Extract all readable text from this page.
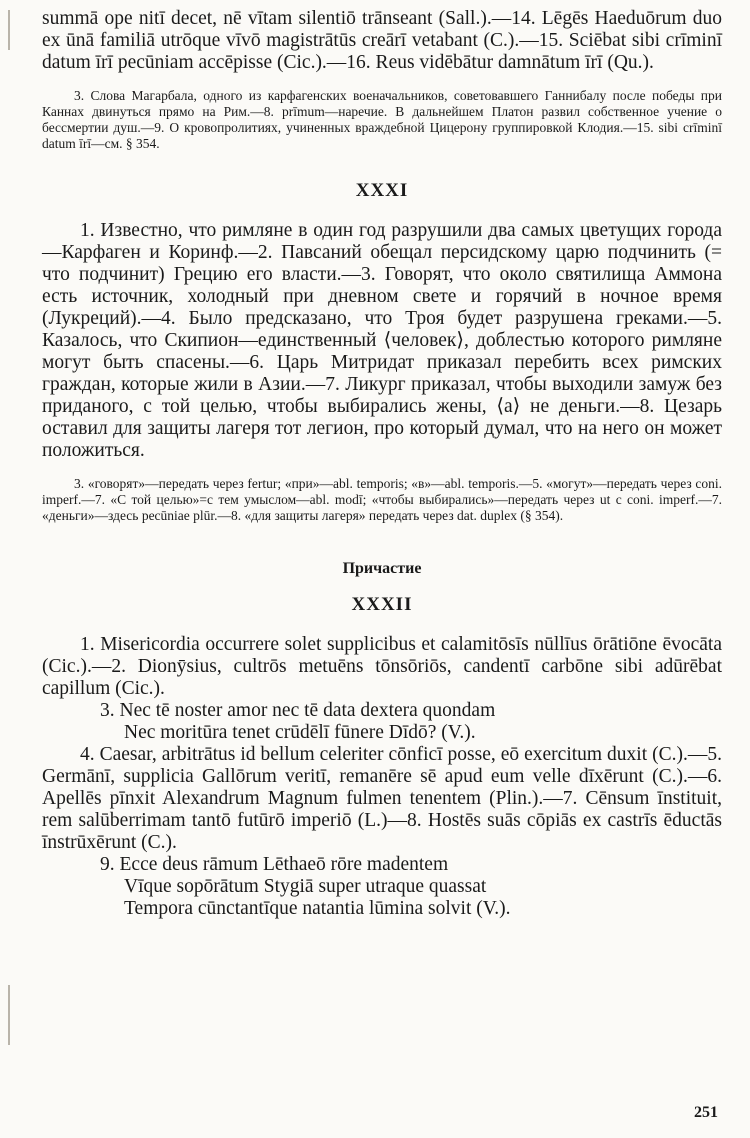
summā ope nitī decet, nē vītam silentiō trānseant (Sall.).—14. Lēgēs Haeduōrum duo ex ūnā familiā utrōque vīvō magistrātūs creārī vetabant (C.).—15. Sciēbat sibi crīminī datum īrī pecūniam accēpisse (Cic.).—16. Reus vidēbātur damnātum īrī (Qu.).

3. Слова Магарбала, одного из карфагенских военачальников, советовавшего Ганнибалу после победы при Каннах двинуться прямо на Рим.—8. prīmum—наречие. В дальнейшем Платон развил собственное учение о бессмертии душ.—9. О кровопролитиях, учиненных враждебной Цицерону группировкой Клодия.—15. sibi crīminī datum īrī—см. § 354.

XXXI

1. Известно, что римляне в один год разрушили два самых цветущих города—Карфаген и Коринф.—2. Павсаний обещал персидскому царю подчинить (= что подчинит) Грецию его власти.—3. Говорят, что около святилища Аммона есть источник, холодный при дневном свете и горячий в ночное время (Лукреций).—4. Было предсказано, что Троя будет разрушена греками.—5. Казалось, что Скипион—единственный ⟨человек⟩, доблестью которого римляне могут быть спасены.—6. Царь Митридат приказал перебить всех римских граждан, которые жили в Азии.—7. Ликург приказал, чтобы выходили замуж без приданого, с той целью, чтобы выбирались жены, ⟨а⟩ не деньги.—8. Цезарь оставил для защиты лагеря тот легион, про который думал, что на него он может положиться.

3. «говорят»—передать через fertur; «при»—abl. temporis; «в»—abl. temporis.—5. «могут»—передать через coni. imperf.—7. «С той целью»=с тем умыслом—abl. modī; «чтобы выбирались»—передать через ut с coni. imperf.—7. «деньги»—здесь pecūniae plūr.—8. «для защиты лагеря» передать через dat. duplex (§ 354).

Причастие
XXXII

1. Misericordia occurrere solet supplicibus et calamitōsīs nūllīus ōrātiōne ēvocāta (Cic.).—2. Dionȳsius, cultrōs metuēns tōnsōriōs, candentī carbōne sibi adūrēbat capillum (Cic.).

3. Nec tē noster amor nec tē data dextera quondam
Nec moritūra tenet crūdēlī fūnere Dīdō? (V.).

4. Caesar, arbitrātus id bellum celeriter cōnficī posse, eō exercitum duxit (C.).—5. Germānī, supplicia Gallōrum veritī, remanēre sē apud eum velle dīxērunt (C.).—6. Apellēs pīnxit Alexandrum Magnum fulmen tenentem (Plin.).—7. Cēnsum īnstituit, rem salūberrimam tantō futūrō imperiō (L.)—8. Hostēs suās cōpiās ex castrīs ēductās īnstrūxērunt (C.).

9. Ecce deus rāmum Lēthaeō rōre madentem
Vīque sopōrātum Stygiā super utraque quassat
Tempora cūnctantīque natantia lūmina solvit (V.).
251
